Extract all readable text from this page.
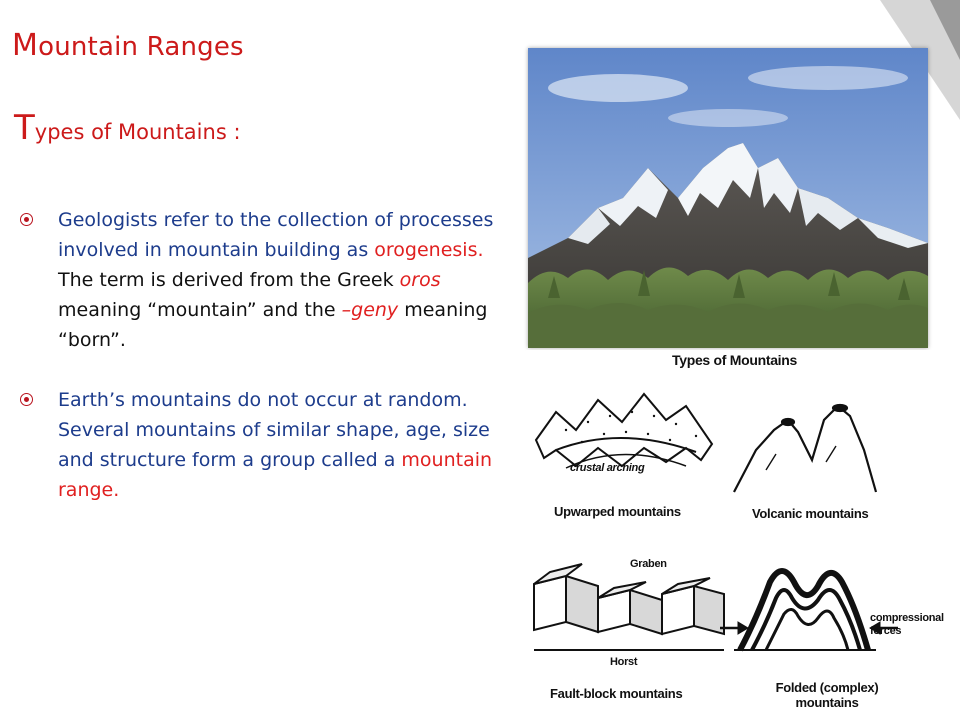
Mountain Ranges
Types of Mountains :
Geologists refer to the collection of processes involved in mountain building as orogenesis. The term is derived from the Greek oros meaning “mountain” and the –geny meaning “born”.
Earth’s mountains do not occur at random. Several mountains of similar shape, age, size and structure form a group called a mountain range.
Types of Mountains
crustal arching
Upwarped mountains	Volcanic mountains
Graben
Horst
Fault-block mountains	Folded (complex)
mountains
compressional
forces
